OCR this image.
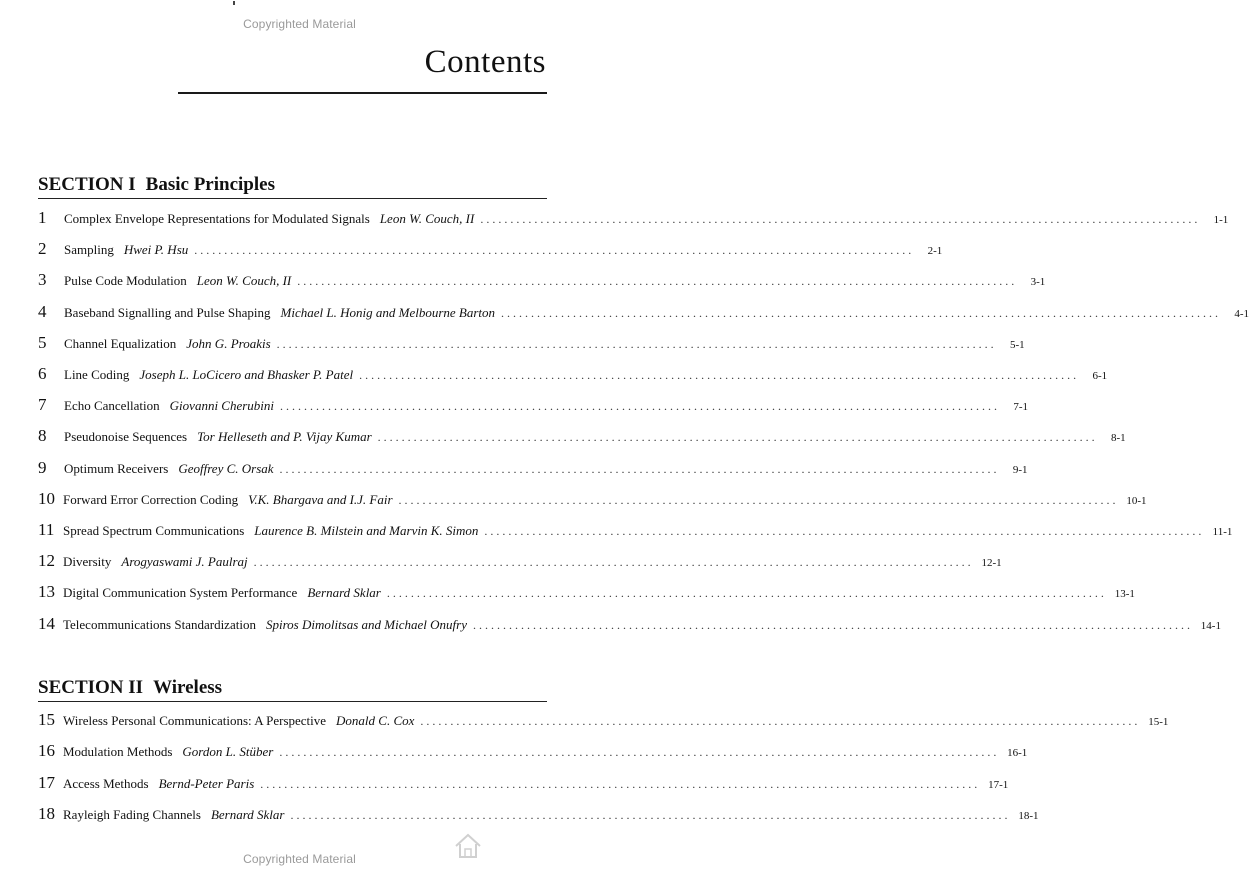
Copyrighted Material
Contents
SECTION I Basic Principles
1	Complex Envelope Representations for Modulated Signals Leon W. Couch, II ........................................................................................................................	1-1
2	Sampling Hwei P. Hsu ........................................................................................................................	2-1
3	Pulse Code Modulation Leon W. Couch, II ........................................................................................................................	3-1
4	Baseband Signalling and Pulse Shaping Michael L. Honig and Melbourne Barton ........................................................................................................................	4-1
5	Channel Equalization John G. Proakis ........................................................................................................................	5-1
6	Line Coding Joseph L. LoCicero and Bhasker P. Patel ........................................................................................................................	6-1
7	Echo Cancellation Giovanni Cherubini ........................................................................................................................	7-1
8	Pseudonoise Sequences Tor Helleseth and P. Vijay Kumar ........................................................................................................................	8-1
9	Optimum Receivers Geoffrey C. Orsak ........................................................................................................................	9-1
10 Forward Error Correction Coding V.K. Bhargava and I.J. Fair ........................................................................................................................ 10-1
11 Spread Spectrum Communications Laurence B. Milstein and Marvin K. Simon ........................................................................................................................ 11-1
12 Diversity Arogyaswami J. Paulraj ........................................................................................................................ 12-1
13 Digital Communication System Performance Bernard Sklar ........................................................................................................................ 13-1
14 Telecommunications Standardization Spiros Dimolitsas and Michael Onufry ........................................................................................................................ 14-1
SECTION II Wireless
15 Wireless Personal Communications: A Perspective Donald C. Cox ........................................................................................................................ 15-1
16 Modulation Methods Gordon L. Stüber ........................................................................................................................ 16-1
17 Access Methods Bernd-Peter Paris ........................................................................................................................ 17-1
18 Rayleigh Fading Channels Bernard Sklar ........................................................................................................................ 18-1
Copyrighted Material
